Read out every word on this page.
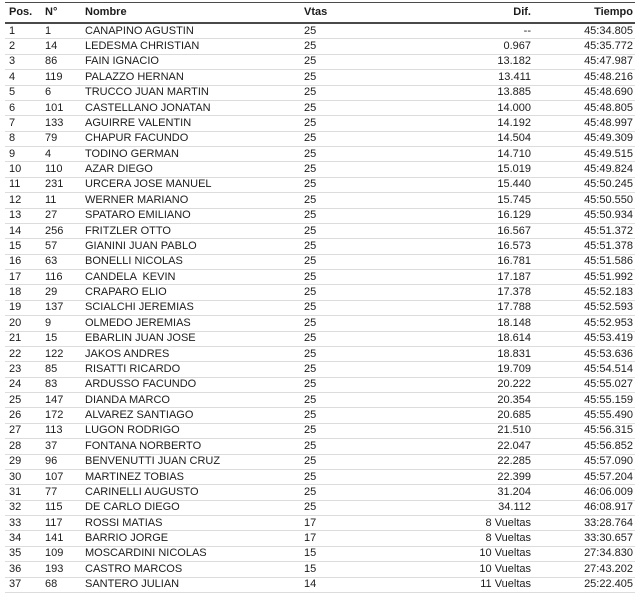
Pos.	N°	Nombre	Vtas	Dif.	Tiempo
1	1	CANAPINO AGUSTIN	25	--	45:34.805
2	14	LEDESMA CHRISTIAN	25	0.967	45:35.772
3	86	FAIN IGNACIO	25	13.182	45:47.987
4	119	PALAZZO HERNAN	25	13.411	45:48.216
5	6	TRUCCO JUAN MARTIN	25	13.885	45:48.690
6	101	CASTELLANO JONATAN	25	14.000	45:48.805
7	133	AGUIRRE VALENTIN	25	14.192	45:48.997
8	79	CHAPUR FACUNDO	25	14.504	45:49.309
9	4	TODINO GERMAN	25	14.710	45:49.515
10	110	AZAR DIEGO	25	15.019	45:49.824
11	231	URCERA JOSE MANUEL	25	15.440	45:50.245
12	11	WERNER MARIANO	25	15.745	45:50.550
13	27	SPATARO EMILIANO	25	16.129	45:50.934
14	256	FRITZLER OTTO	25	16.567	45:51.372
15	57	GIANINI JUAN PABLO	25	16.573	45:51.378
16	63	BONELLI NICOLAS	25	16.781	45:51.586
17	116	CANDELA  KEVIN	25	17.187	45:51.992
18	29	CRAPARO ELIO	25	17.378	45:52.183
19	137	SCIALCHI JEREMIAS	25	17.788	45:52.593
20	9	OLMEDO JEREMIAS	25	18.148	45:52.953
21	15	EBARLIN JUAN JOSE	25	18.614	45:53.419
22	122	JAKOS ANDRES	25	18.831	45:53.636
23	85	RISATTI RICARDO	25	19.709	45:54.514
24	83	ARDUSSO FACUNDO	25	20.222	45:55.027
25	147	DIANDA MARCO	25	20.354	45:55.159
26	172	ALVAREZ SANTIAGO	25	20.685	45:55.490
27	113	LUGON RODRIGO	25	21.510	45:56.315
28	37	FONTANA NORBERTO	25	22.047	45:56.852
29	96	BENVENUTTI JUAN CRUZ	25	22.285	45:57.090
30	107	MARTINEZ TOBIAS	25	22.399	45:57.204
31	77	CARINELLI AUGUSTO	25	31.204	46:06.009
32	115	DE CARLO DIEGO	25	34.112	46:08.917
33	117	ROSSI MATIAS	17	8 Vueltas	33:28.764
34	141	BARRIO JORGE	17	8 Vueltas	33:30.657
35	109	MOSCARDINI NICOLAS	15	10 Vueltas	27:34.830
36	193	CASTRO MARCOS	15	10 Vueltas	27:43.202
37	68	SANTERO JULIAN	14	11 Vueltas	25:22.405
